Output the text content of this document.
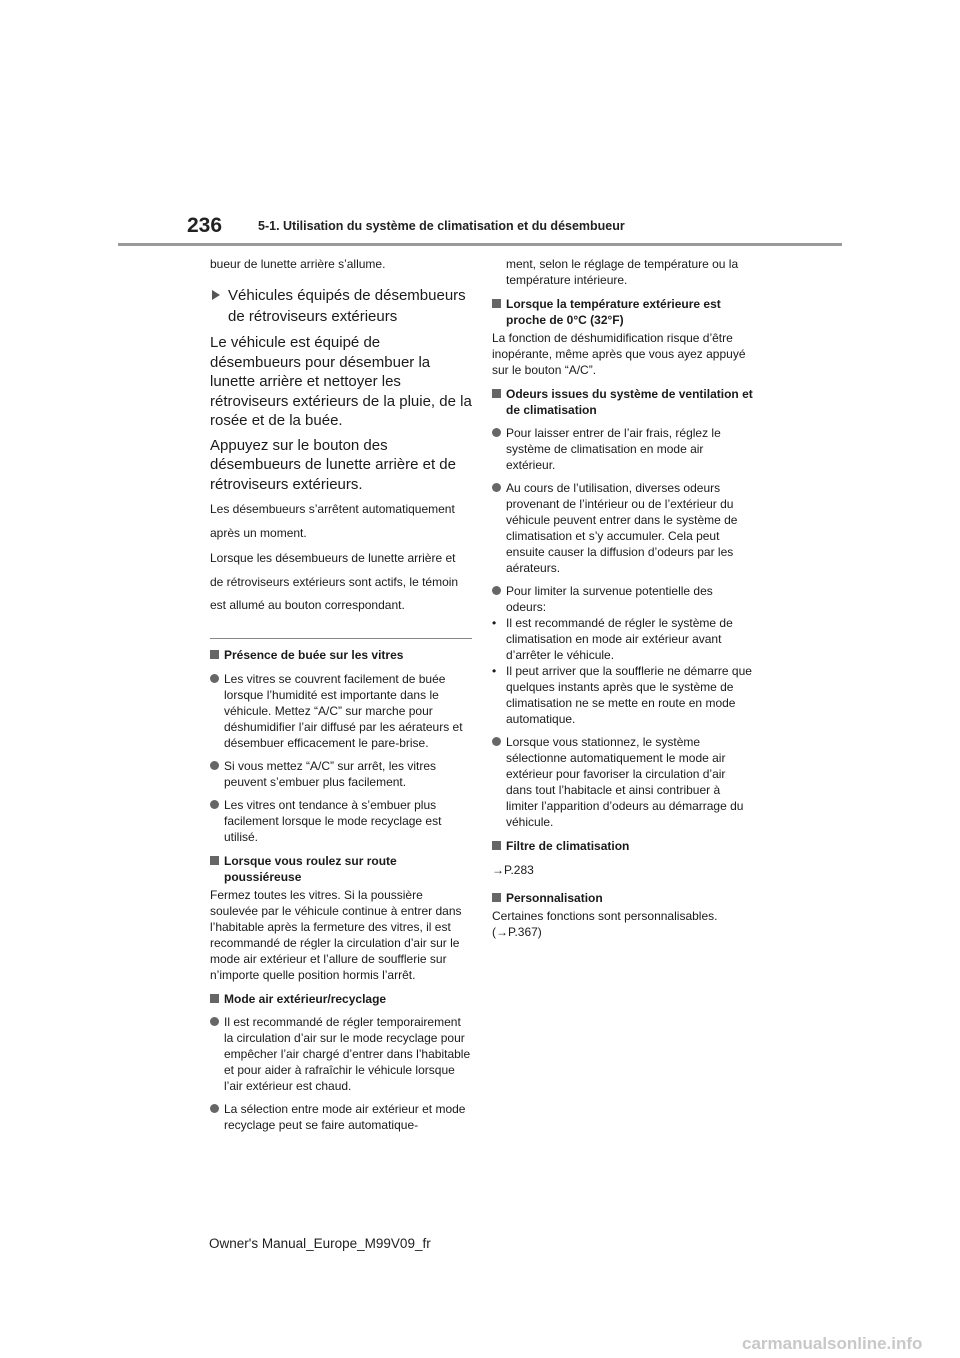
236	5-1. Utilisation du système de climatisation et du désembueur

bueur de lunette arrière s’allume.

Véhicules équipés de désembueurs de rétroviseurs extérieurs

Le véhicule est équipé de désembueurs pour désembuer la lunette arrière et nettoyer les rétroviseurs extérieurs de la pluie, de la rosée et de la buée.

Appuyez sur le bouton des désembueurs de lunette arrière et de rétroviseurs extérieurs.

Les désembueurs s’arrêtent automatiquement après un moment.

Lorsque les désembueurs de lunette arrière et de rétroviseurs extérieurs sont actifs, le témoin est allumé au bouton correspondant.

Présence de buée sur les vitres
Les vitres se couvrent facilement de buée lorsque l’humidité est importante dans le véhicule. Mettez “A/C” sur marche pour déshumidifier l’air diffusé par les aérateurs et désembuer efficacement le pare-brise.
Si vous mettez “A/C” sur arrêt, les vitres peuvent s’embuer plus facilement.
Les vitres ont tendance à s’embuer plus facilement lorsque le mode recyclage est utilisé.
Lorsque vous roulez sur route poussiéreuse

Fermez toutes les vitres. Si la poussière soulevée par le véhicule continue à entrer dans l’habitable après la fermeture des vitres, il est recommandé de régler la circulation d’air sur le mode air extérieur et l’allure de soufflerie sur n’importe quelle position hormis l’arrêt.

Mode air extérieur/recyclage
Il est recommandé de régler temporairement la circulation d’air sur le mode recyclage pour empêcher l’air chargé d’entrer dans l’habitable et pour aider à rafraîchir le véhicule lorsque l’air extérieur est chaud.
La sélection entre mode air extérieur et mode recyclage peut se faire automatique-

ment, selon le réglage de température ou la température intérieure.

Lorsque la température extérieure est proche de 0°C (32°F)

La fonction de déshumidification risque d’être inopérante, même après que vous ayez appuyé sur le bouton “A/C”.

Odeurs issues du système de ventilation et de climatisation
Pour laisser entrer de l’air frais, réglez le système de climatisation en mode air extérieur.
Au cours de l’utilisation, diverses odeurs provenant de l’intérieur ou de l’extérieur du véhicule peuvent entrer dans le système de climatisation et s’y accumuler. Cela peut ensuite causer la diffusion d’odeurs par les aérateurs.
Pour limiter la survenue potentielle des odeurs:
• Il est recommandé de régler le système de climatisation en mode air extérieur avant d’arrêter le véhicule.
• Il peut arriver que la soufflerie ne démarre que quelques instants après que le système de climatisation ne se mette en route en mode automatique.
Lorsque vous stationnez, le système sélectionne automatiquement le mode air extérieur pour favoriser la circulation d’air dans tout l’habitacle et ainsi contribuer à limiter l’apparition d’odeurs au démarrage du véhicule.
Filtre de climatisation

→P.283

Personnalisation

Certaines fonctions sont personnalisables. (→P.367)

Owner's Manual_Europe_M99V09_fr
carmanualsonline.info
